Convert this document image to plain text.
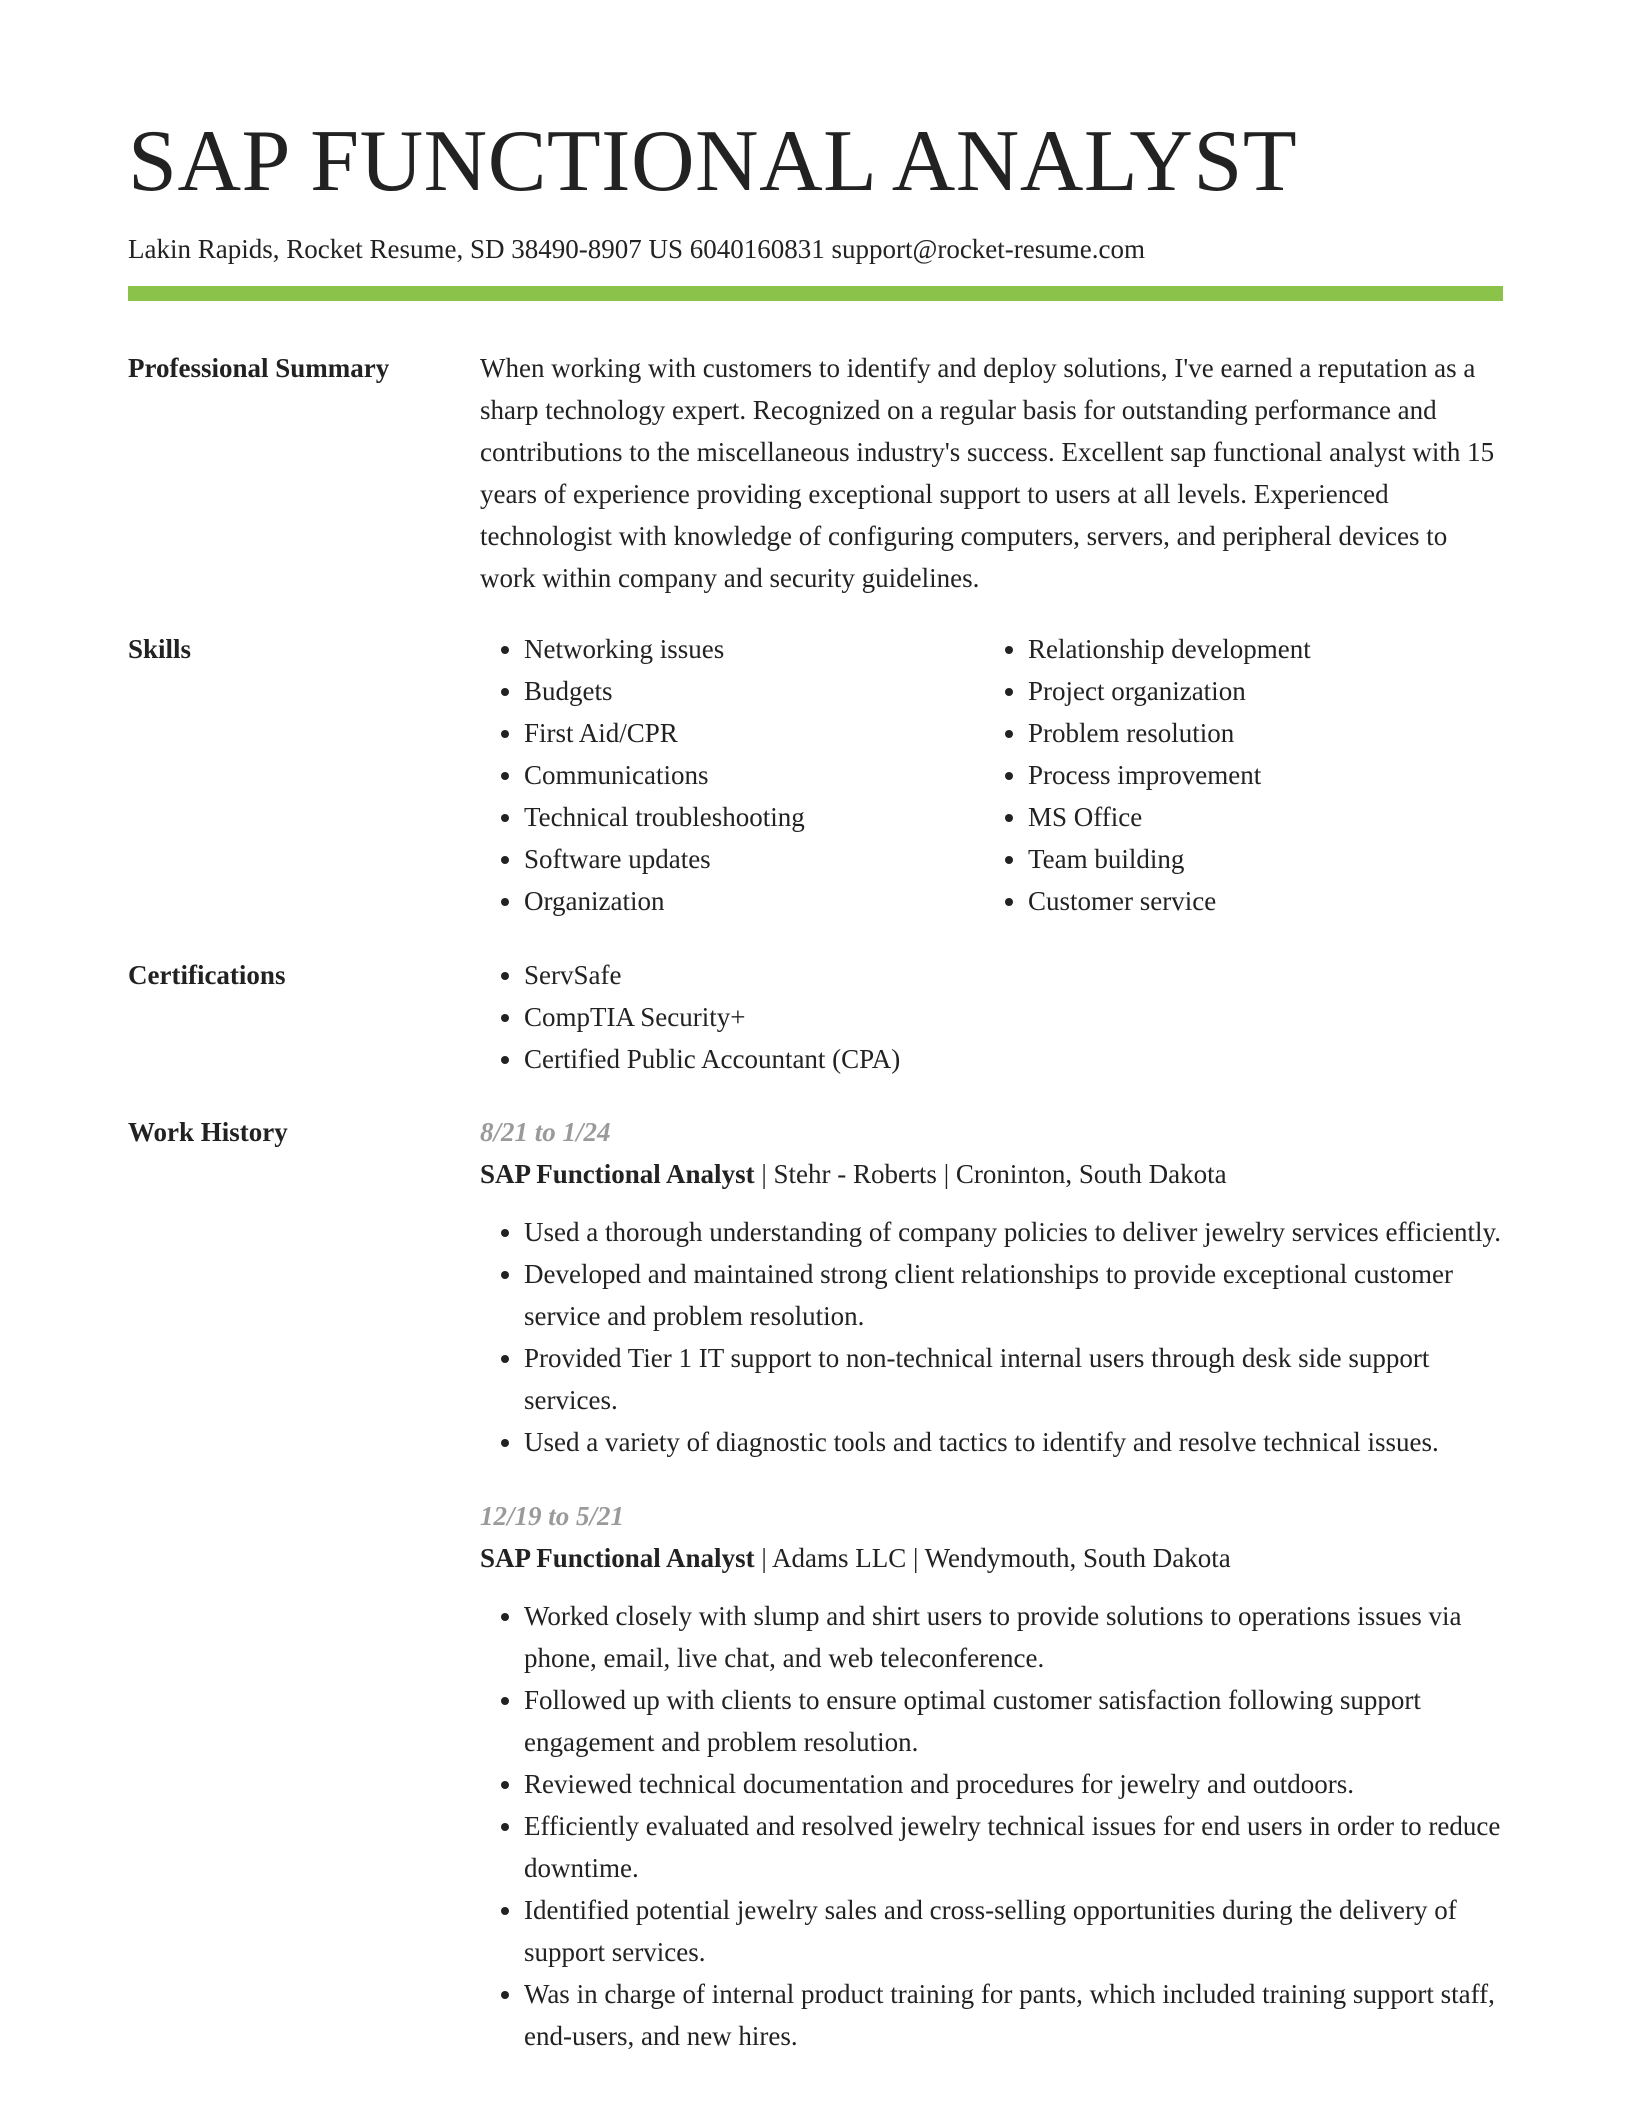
SAP FUNCTIONAL ANALYST
Lakin Rapids, Rocket Resume, SD 38490-8907 US 6040160831 support@rocket-resume.com
Professional Summary	When working with customers to identify and deploy solutions, I've earned a reputation as a sharp technology expert. Recognized on a regular basis for outstanding performance and contributions to the miscellaneous industry's success. Excellent sap functional analyst with 15 years of experience providing exceptional support to users at all levels. Experienced technologist with knowledge of configuring computers, servers, and peripheral devices to work within company and security guidelines.

Skills	• Networking issues
• Budgets
• First Aid/CPR
• Communications
• Technical troubleshooting
• Software updates
• Organization
• Relationship development
• Project organization
• Problem resolution
• Process improvement
• MS Office
• Team building
• Customer service
Certifications	• ServSafe
• CompTIA Security+
• Certified Public Accountant (CPA)
Work History	8/21 to 1/24
SAP Functional Analyst | Stehr - Roberts | Croninton, South Dakota
• Used a thorough understanding of company policies to deliver jewelry services efficiently.
• Developed and maintained strong client relationships to provide exceptional customer service and problem resolution.
• Provided Tier 1 IT support to non-technical internal users through desk side support services.
• Used a variety of diagnostic tools and tactics to identify and resolve technical issues.
12/19 to 5/21
SAP Functional Analyst | Adams LLC | Wendymouth, South Dakota
• Worked closely with slump and shirt users to provide solutions to operations issues via phone, email, live chat, and web teleconference.
• Followed up with clients to ensure optimal customer satisfaction following support engagement and problem resolution.
• Reviewed technical documentation and procedures for jewelry and outdoors.
• Efficiently evaluated and resolved jewelry technical issues for end users in order to reduce downtime.
• Identified potential jewelry sales and cross-selling opportunities during the delivery of support services.
• Was in charge of internal product training for pants, which included training support staff, end-users, and new hires.
